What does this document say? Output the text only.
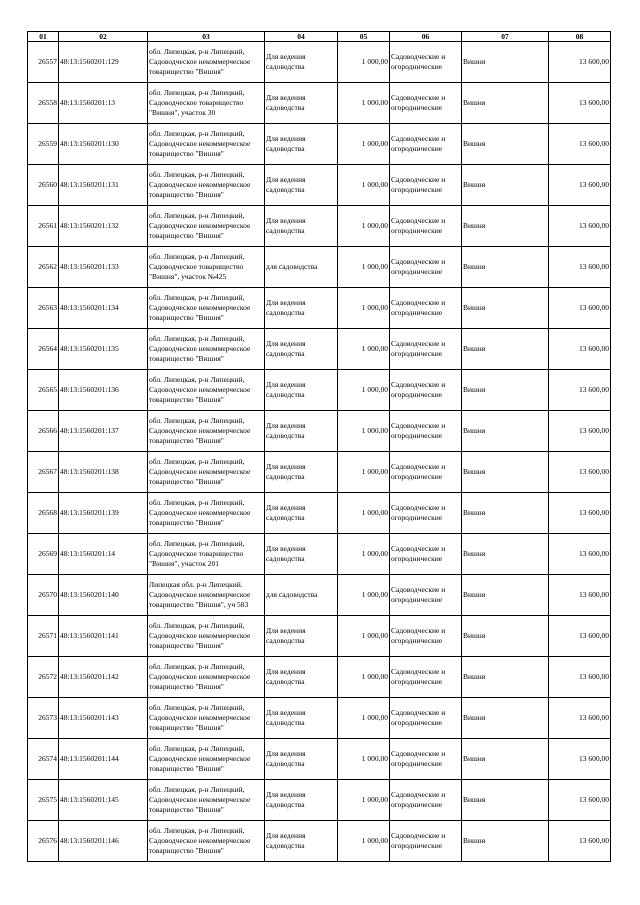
01	02	03	04	05	06	07	08
26557	48:13:1560201:129	обл. Липецкая, р-н Липецкий, Садоводческое некоммерческое товарищество "Вишня"	Для ведения садоводства	1 000,00	Садоводческие и огороднические	Вишня	13 600,00
26558	48:13:1560201:13	обл. Липецкая, р-н Липецкий, Садоводческое товарищество "Вишня", участок 30	Для ведения садоводства	1 000,00	Садоводческие и огороднические	Вишня	13 600,00
26559	48:13:1560201:130	обл. Липецкая, р-н Липецкий, Садоводческое некоммерческое товарищество "Вишня"	Для ведения садоводства	1 000,00	Садоводческие и огороднические	Вишня	13 600,00
26560	48:13:1560201:131	обл. Липецкая, р-н Липецкий, Садоводческое некоммерческое товарищество "Вишня"	Для ведения садоводства	1 000,00	Садоводческие и огороднические	Вишня	13 600,00
26561	48:13:1560201:132	обл. Липецкая, р-н Липецкий, Садоводческое некоммерческое товарищество "Вишня"	Для ведения садоводства	1 000,00	Садоводческие и огороднические	Вишня	13 600,00
26562	48:13:1560201:133	обл. Липецкая, р-н Липецкий, Садоводческое товарищество "Вишня", участок №425	для садоводства	1 000,00	Садоводческие и огороднические	Вишня	13 600,00
26563	48:13:1560201:134	обл. Липецкая, р-н Липецкий, Садоводческое некоммерческое товарищество "Вишня"	Для ведения садоводства	1 000,00	Садоводческие и огороднические	Вишня	13 600,00
26564	48:13:1560201:135	обл. Липецкая, р-н Липецкий, Садоводческое некоммерческое товарищество "Вишня"	Для ведения садоводства	1 000,00	Садоводческие и огороднические	Вишня	13 600,00
26565	48:13:1560201:136	обл. Липецкая, р-н Липецкий, Садоводческое некоммерческое товарищество "Вишня"	Для ведения садоводства	1 000,00	Садоводческие и огороднические	Вишня	13 600,00
26566	48:13:1560201:137	обл. Липецкая, р-н Липецкий, Садоводческое некоммерческое товарищество "Вишня"	Для ведения садоводства	1 000,00	Садоводческие и огороднические	Вишня	13 600,00
26567	48:13:1560201:138	обл. Липецкая, р-н Липецкий, Садоводческое некоммерческое товарищество "Вишня"	Для ведения садоводства	1 000,00	Садоводческие и огороднические	Вишня	13 600,00
26568	48:13:1560201:139	обл. Липецкая, р-н Липецкий, Садоводческое некоммерческое товарищество "Вишня"	Для ведения садоводства	1 000,00	Садоводческие и огороднические	Вишня	13 600,00
26569	48:13:1560201:14	обл. Липецкая, р-н Липецкий, Садоводческое товарищество "Вишня", участок 201	Для ведения садоводства	1 000,00	Садоводческие и огороднические	Вишня	13 600,00
26570	48:13:1560201:140	Липецкая обл. р-н Липецкий. Садоводческое некоммерческое товарищество "Вишня", уч 583	для садоводства	1 000,00	Садоводческие и огороднические	Вишня	13 600,00
26571	48:13:1560201:141	обл. Липецкая, р-н Липецкий, Садоводческое некоммерческое товарищество "Вишня"	Для ведения садоводства	1 000,00	Садоводческие и огороднические	Вишня	13 600,00
26572	48:13:1560201:142	обл. Липецкая, р-н Липецкий, Садоводческое некоммерческое товарищество "Вишня"	Для ведения садоводства	1 000,00	Садоводческие и огороднические	Вишня	13 600,00
26573	48:13:1560201:143	обл. Липецкая, р-н Липецкий, Садоводческое некоммерческое товарищество "Вишня"	Для ведения садоводства	1 000,00	Садоводческие и огороднические	Вишня	13 600,00
26574	48:13:1560201:144	обл. Липецкая, р-н Липецкий, Садоводческое некоммерческое товарищество "Вишня"	Для ведения садоводства	1 000,00	Садоводческие и огороднические	Вишня	13 600,00
26575	48:13:1560201:145	обл. Липецкая, р-н Липецкий, Садоводческое некоммерческое товарищество "Вишня"	Для ведения садоводства	1 000,00	Садоводческие и огороднические	Вишня	13 600,00
26576	48:13:1560201:146	обл. Липецкая, р-н Липецкий, Садоводческое некоммерческое товарищество "Вишня"	Для ведения садоводства	1 000,00	Садоводческие и огороднические	Вишня	13 600,00
